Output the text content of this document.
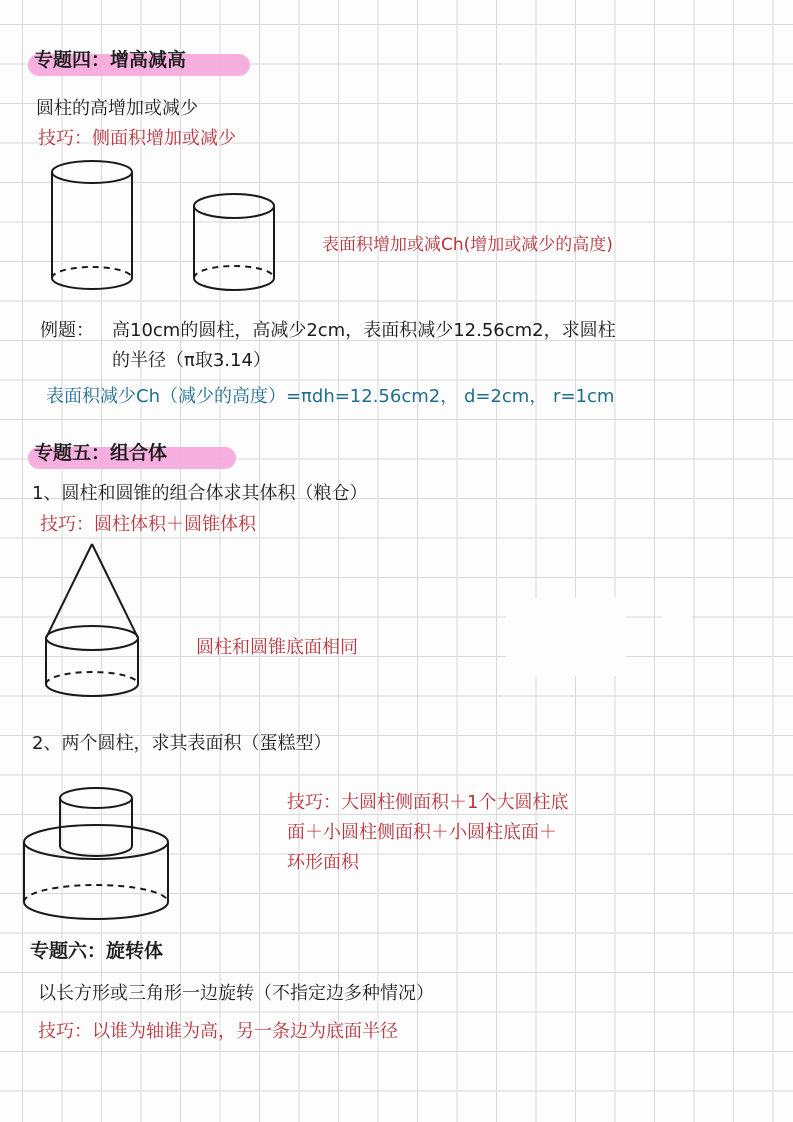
专题四：增高减高
圆柱的高增加或减少
技巧：侧面积增加或减少
表面积增加或减Ch(增加或减少的高度)
例题： 高10cm的圆柱，高减少2cm，表面积减少12.56cm2，求圆柱
的半径（π取3.14）
表面积减少Ch（减少的高度）=πdh=12.56cm2， d=2cm， r=1cm
专题五：组合体
1、圆柱和圆锥的组合体求其体积（粮仓）
技巧：圆柱体积＋圆锥体积
圆柱和圆锥底面相同
2、两个圆柱，求其表面积（蛋糕型）
技巧：大圆柱侧面积＋1个大圆柱底
面＋小圆柱侧面积＋小圆柱底面＋
环形面积
专题六：旋转体
以长方形或三角形一边旋转（不指定边多种情况）
技巧：以谁为轴谁为高，另一条边为底面半径
